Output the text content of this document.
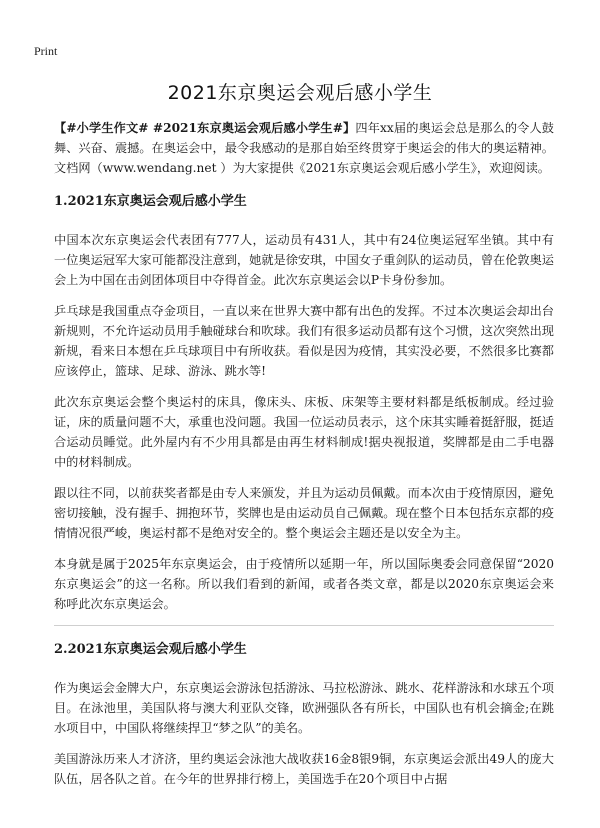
Print
2021东京奥运会观后感小学生

【#小学生作文# #2021东京奥运会观后感小学生#】四年xx届的奥运会总是那么的令人鼓舞、兴奋、震撼。在奥运会中，最令我感动的是那自始至终贯穿于奥运会的伟大的奥运精神。文档网（www.wendang.net ）为大家提供《2021东京奥运会观后感小学生》，欢迎阅读。

1.2021东京奥运会观后感小学生

中国本次东京奥运会代表团有777人，运动员有431人，其中有24位奥运冠军坐镇。其中有一位奥运冠军大家可能都没注意到，她就是徐安琪，中国女子重剑队的运动员，曾在伦敦奥运会上为中国在击剑团体项目中夺得首金。此次东京奥运会以P卡身份参加。

乒乓球是我国重点夺金项目，一直以来在世界大赛中都有出色的发挥。不过本次奥运会却出台新规则，不允许运动员用手触碰球台和吹球。我们有很多运动员都有这个习惯，这次突然出现新规，看来日本想在乒乓球项目中有所收获。看似是因为疫情，其实没必要，不然很多比赛都应该停止，篮球、足球、游泳、跳水等!

此次东京奥运会整个奥运村的床具，像床头、床板、床架等主要材料都是纸板制成。经过验证，床的质量问题不大，承重也没问题。我国一位运动员表示，这个床其实睡着挺舒服，挺适合运动员睡觉。此外屋内有不少用具都是由再生材料制成!据央视报道，奖牌都是由二手电器中的材料制成。

跟以往不同，以前获奖者都是由专人来颁发，并且为运动员佩戴。而本次由于疫情原因，避免密切接触，没有握手、拥抱环节，奖牌也是由运动员自己佩戴。现在整个日本包括东京都的疫情情况很严峻，奥运村都不是绝对安全的。整个奥运会主题还是以安全为主。

本身就是属于2025年东京奥运会，由于疫情所以延期一年，所以国际奥委会同意保留“2020东京奥运会”的这一名称。所以我们看到的新闻，或者各类文章，都是以2020东京奥运会来称呼此次东京奥运会。

2.2021东京奥运会观后感小学生

作为奥运会金牌大户，东京奥运会游泳包括游泳、马拉松游泳、跳水、花样游泳和水球五个项目。在泳池里，美国队将与澳大利亚队交锋，欧洲强队各有所长，中国队也有机会摘金;在跳水项目中，中国队将继续捍卫“梦之队”的美名。

美国游泳历来人才济济，里约奥运会泳池大战收获16金8银9铜，东京奥运会派出49人的庞大队伍，居各队之首。在今年的世界排行榜上，美国选手在20个项目中占据
